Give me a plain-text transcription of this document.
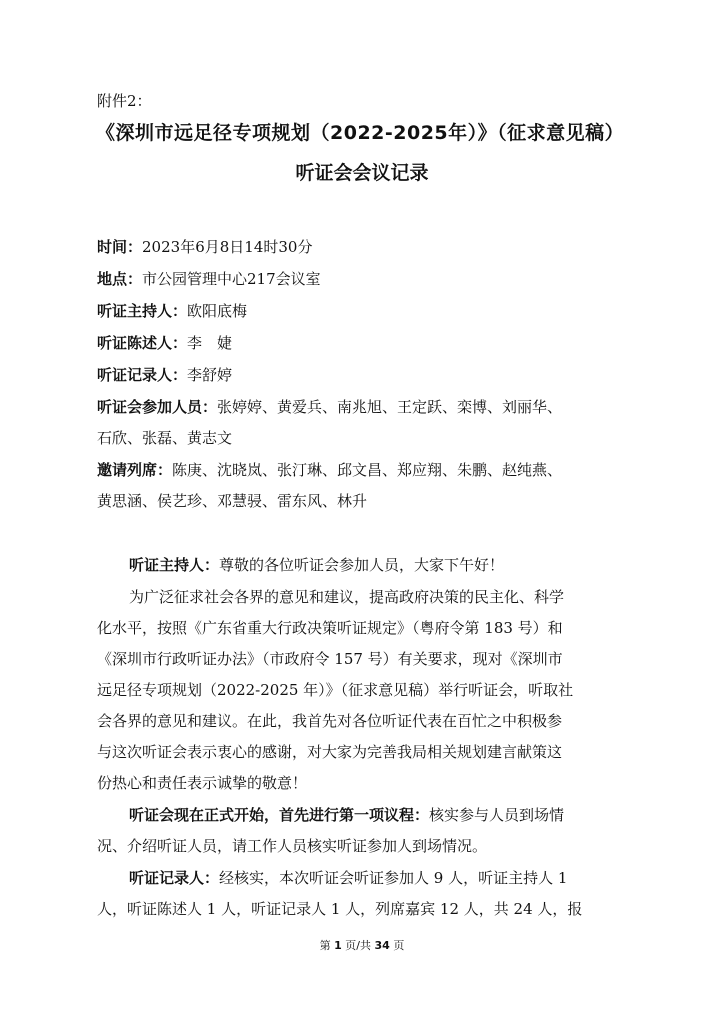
附件2：
《深圳市远足径专项规划（2022-2025年）》（征求意见稿）
听证会会议记录
时间：2023年6月8日14时30分
地点：市公园管理中心217会议室
听证主持人：欧阳底梅
听证陈述人：李　婕
听证记录人：李舒婷
听证会参加人员：张婷婷、黄爱兵、南兆旭、王定跃、栾博、刘丽华、
石欣、张磊、黄志文
邀请列席：陈庚、沈晓岚、张汀琳、邱文昌、郑应翔、朱鹏、赵纯燕、
黄思涵、侯艺珍、邓慧骎、雷东风、林升
听证主持人：尊敬的各位听证会参加人员，大家下午好！
为广泛征求社会各界的意见和建议，提高政府决策的民主化、科学
化水平，按照《广东省重大行政决策听证规定》（粤府令第 183 号）和
《深圳市行政听证办法》（市政府令 157 号）有关要求，现对《深圳市
远足径专项规划（2022-2025 年）》（征求意见稿）举行听证会，听取社
会各界的意见和建议。在此，我首先对各位听证代表在百忙之中积极参
与这次听证会表示衷心的感谢，对大家为完善我局相关规划建言献策这
份热心和责任表示诚挚的敬意！
听证会现在正式开始，首先进行第一项议程：核实参与人员到场情
况、介绍听证人员，请工作人员核实听证参加人到场情况。
听证记录人：经核实，本次听证会听证参加人 9 人，听证主持人 1
人，听证陈述人 1 人，听证记录人 1 人，列席嘉宾 12 人，共 24 人，报
第 1 页/共 34 页
